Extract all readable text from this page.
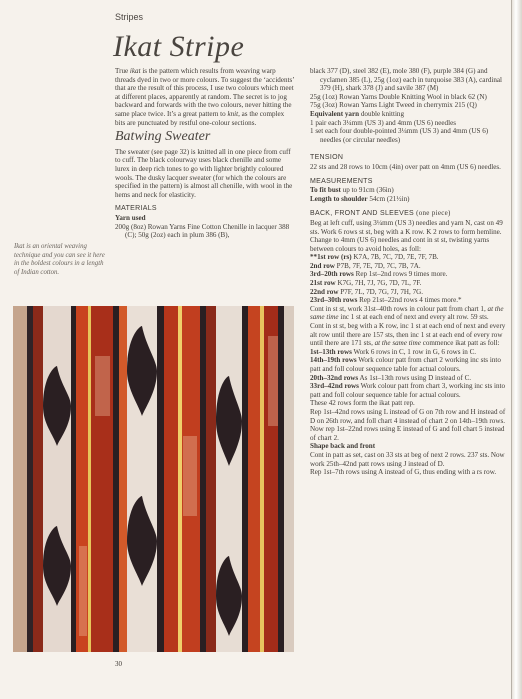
Stripes
Ikat Stripe

True ikat is the pattern which results from weaving warp threads dyed in two or more colours. To suggest the ‘accidents’ that are the result of this process, I use two colours which meet at different places, apparently at random. The secret is to jog backward and forwards with the two colours, never hitting the same place twice. It’s a great pattern to knit, as the complex bits are punctuated by restful one-colour sections.

Batwing Sweater

The sweater (see page 32) is knitted all in one piece from cuff to cuff. The black colourway uses black chenille and some lurex in deep rich tones to go with lighter brightly coloured wools. The dusky lacquer sweater (for which the colours are specified in the pattern) is almost all chenille, with wool in the hems and neck for elasticity.

MATERIALS
Yarn used
200g (8oz) Rowan Yarns Fine Cotton Chenille in lacquer 388 (C); 50g (2oz) each in plum 386 (B),
Ikat is an oriental weaving technique and you can see it here in the boldest colours in a length of Indian cotton.
black 377 (D), steel 382 (E), mole 380 (F), purple 384 (G) and cyclamen 385 (L), 25g (1oz) each in turquoise 383 (A), cardinal 379 (H), shark 378 (J) and savile 387 (M)
25g (1oz) Rowan Yarns Double Knitting Wool in black 62 (N)
75g (3oz) Rowan Yarns Light Tweed in cherrymix 215 (Q)
Equivalent yarn double knitting
1 pair each 3¼mm (US 3) and 4mm (US 6) needles
1 set each four double-pointed 3¼mm (US 3) and 4mm (US 6) needles (or circular needles)
TENSION

22 sts and 28 rows to 10cm (4in) over patt on 4mm (US 6) needles.

MEASUREMENTS
To fit bust up to 91cm (36in)
Length to shoulder 54cm (21½in)
BACK, FRONT AND SLEEVES (one piece)
Beg at left cuff, using 3¼mm (US 3) needles and yarn N, cast on 49 sts. Work 6 rows st st, beg with a K row. K 2 rows to form hemline.
Change to 4mm (US 6) needles and cont in st st, twisting yarns between colours to avoid holes, as foll:
**1st row (rs) K7A, 7B, 7C, 7D, 7E, 7F, 7B.
2nd row P7B, 7F, 7E, 7D, 7C, 7B, 7A.
3rd–20th rows Rep 1st–2nd rows 9 times more.
21st row K7G, 7H, 7J, 7G, 7D, 7L, 7F.
22nd row P7F, 7L, 7D, 7G, 7J, 7H, 7G.
23rd–30th rows Rep 21st–22nd rows 4 times more.*
Cont in st st, work 31st–40th rows in colour patt from chart 1, at the same time inc 1 st at each end of next and every alt row. 59 sts.
Cont in st st, beg with a K row, inc 1 st at each end of next and every alt row until there are 157 sts, then inc 1 st at each end of every row until there are 171 sts, at the same time commence ikat patt as foll:
1st–13th rows Work 6 rows in C, 1 row in G, 6 rows in C.
14th–19th rows Work colour patt from chart 2 working inc sts into patt and foll colour sequence table for actual colours.
20th–32nd rows As 1st–13th rows using D instead of C.
33rd–42nd rows Work colour patt from chart 3, working inc sts into patt and foll colour sequence table for actual colours.
These 42 rows form the ikat patt rep.
Rep 1st–42nd rows using L instead of G on 7th row and H instead of D on 26th row, and foll chart 4 instead of chart 2 on 14th–19th rows. Now rep 1st–22nd rows using E instead of G and foll chart 5 instead of chart 2.
Shape back and front
Cont in patt as set, cast on 33 sts at beg of next 2 rows. 237 sts. Now work 25th–42nd patt rows using J instead of D.
Rep 1st–7th rows using A instead of G, thus ending with a rs row.
30
